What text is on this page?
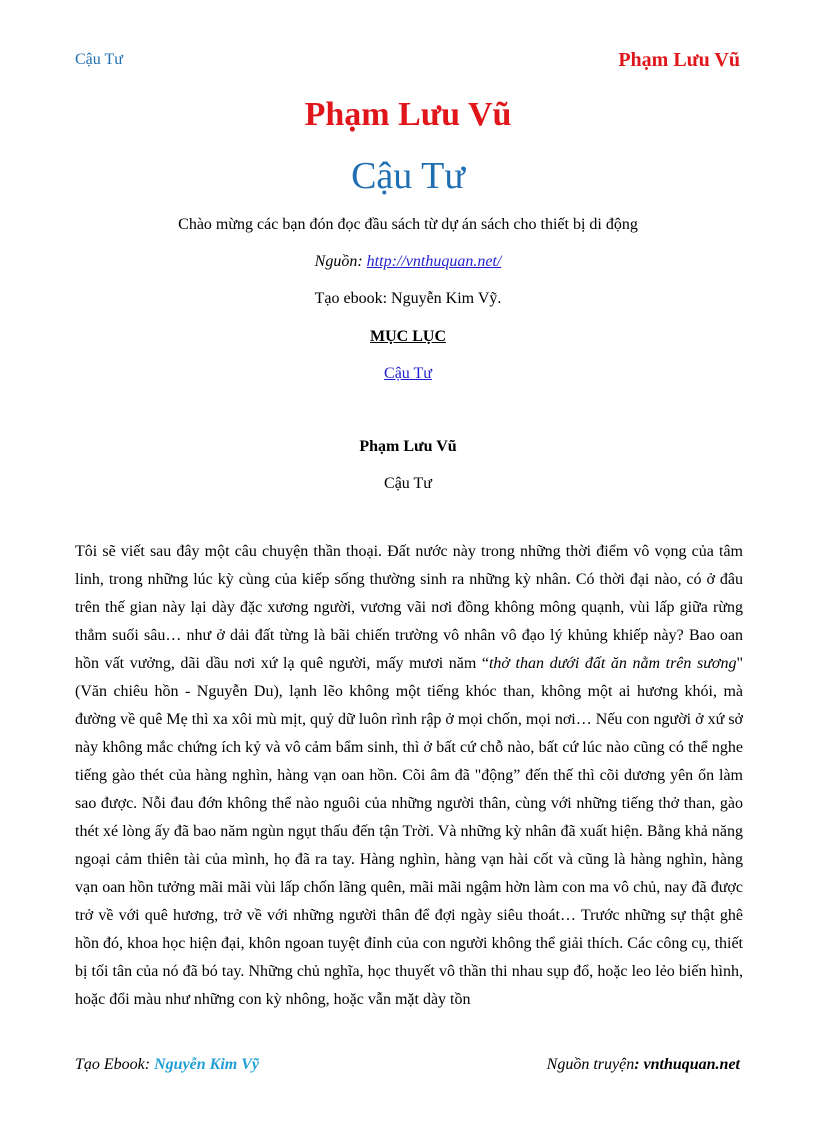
Cậu Tư	Phạm Lưu Vũ
Phạm Lưu Vũ
Cậu Tư
Chào mừng các bạn đón đọc đầu sách từ dự án sách cho thiết bị di động
Nguồn: http://vnthuquan.net/
Tạo ebook: Nguyễn Kim Vỹ.
MỤC LỤC
Cậu Tư
Phạm Lưu Vũ
Cậu Tư

Tôi sẽ viết sau đây một câu chuyện thần thoại. Đất nước này trong những thời điểm vô vọng của tâm linh, trong những lúc kỳ cùng của kiếp sống thường sinh ra những kỳ nhân. Có thời đại nào, có ở đâu trên thế gian này lại dày đặc xương người, vương vãi nơi đồng không mông quạnh, vùi lấp giữa rừng thẳm suối sâu… như ở dải đất từng là bãi chiến trường vô nhân vô đạo lý khủng khiếp này? Bao oan hồn vất vưởng, dãi dầu nơi xứ lạ quê người, mấy mươi năm “thở than dưới đất ăn nằm trên sương" (Văn chiêu hồn - Nguyễn Du), lạnh lẽo không một tiếng khóc than, không một ai hương khói, mà đường về quê Mẹ thì xa xôi mù mịt, quỷ dữ luôn rình rập ở mọi chốn, mọi nơi… Nếu con người ở xứ sở này không mắc chứng ích kỷ và vô cảm bẩm sinh, thì ở bất cứ chỗ nào, bất cứ lúc nào cũng có thể nghe tiếng gào thét của hàng nghìn, hàng vạn oan hồn. Cõi âm đã "động” đến thế thì cõi dương yên ổn làm sao được. Nỗi đau đớn không thể nào nguôi của những người thân, cùng với những tiếng thở than, gào thét xé lòng ấy đã bao năm ngùn ngụt thấu đến tận Trời. Và những kỳ nhân đã xuất hiện. Bằng khả năng ngoại cảm thiên tài của mình, họ đã ra tay. Hàng nghìn, hàng vạn hài cốt và cũng là hàng nghìn, hàng vạn oan hồn tưởng mãi mãi vùi lấp chốn lãng quên, mãi mãi ngậm hờn làm con ma vô chủ, nay đã được trở về với quê hương, trở về với những người thân để đợi ngày siêu thoát… Trước những sự thật ghê hồn đó, khoa học hiện đại, khôn ngoan tuyệt đỉnh của con người không thể giải thích. Các công cụ, thiết bị tối tân của nó đã bó tay. Những chủ nghĩa, học thuyết vô thần thi nhau sụp đổ, hoặc leo lẻo biến hình, hoặc đổi màu như những con kỳ nhông, hoặc vẫn mặt dày tồn

Tạo Ebook: Nguyễn Kim Vỹ	Nguồn truyện: vnthuquan.net
